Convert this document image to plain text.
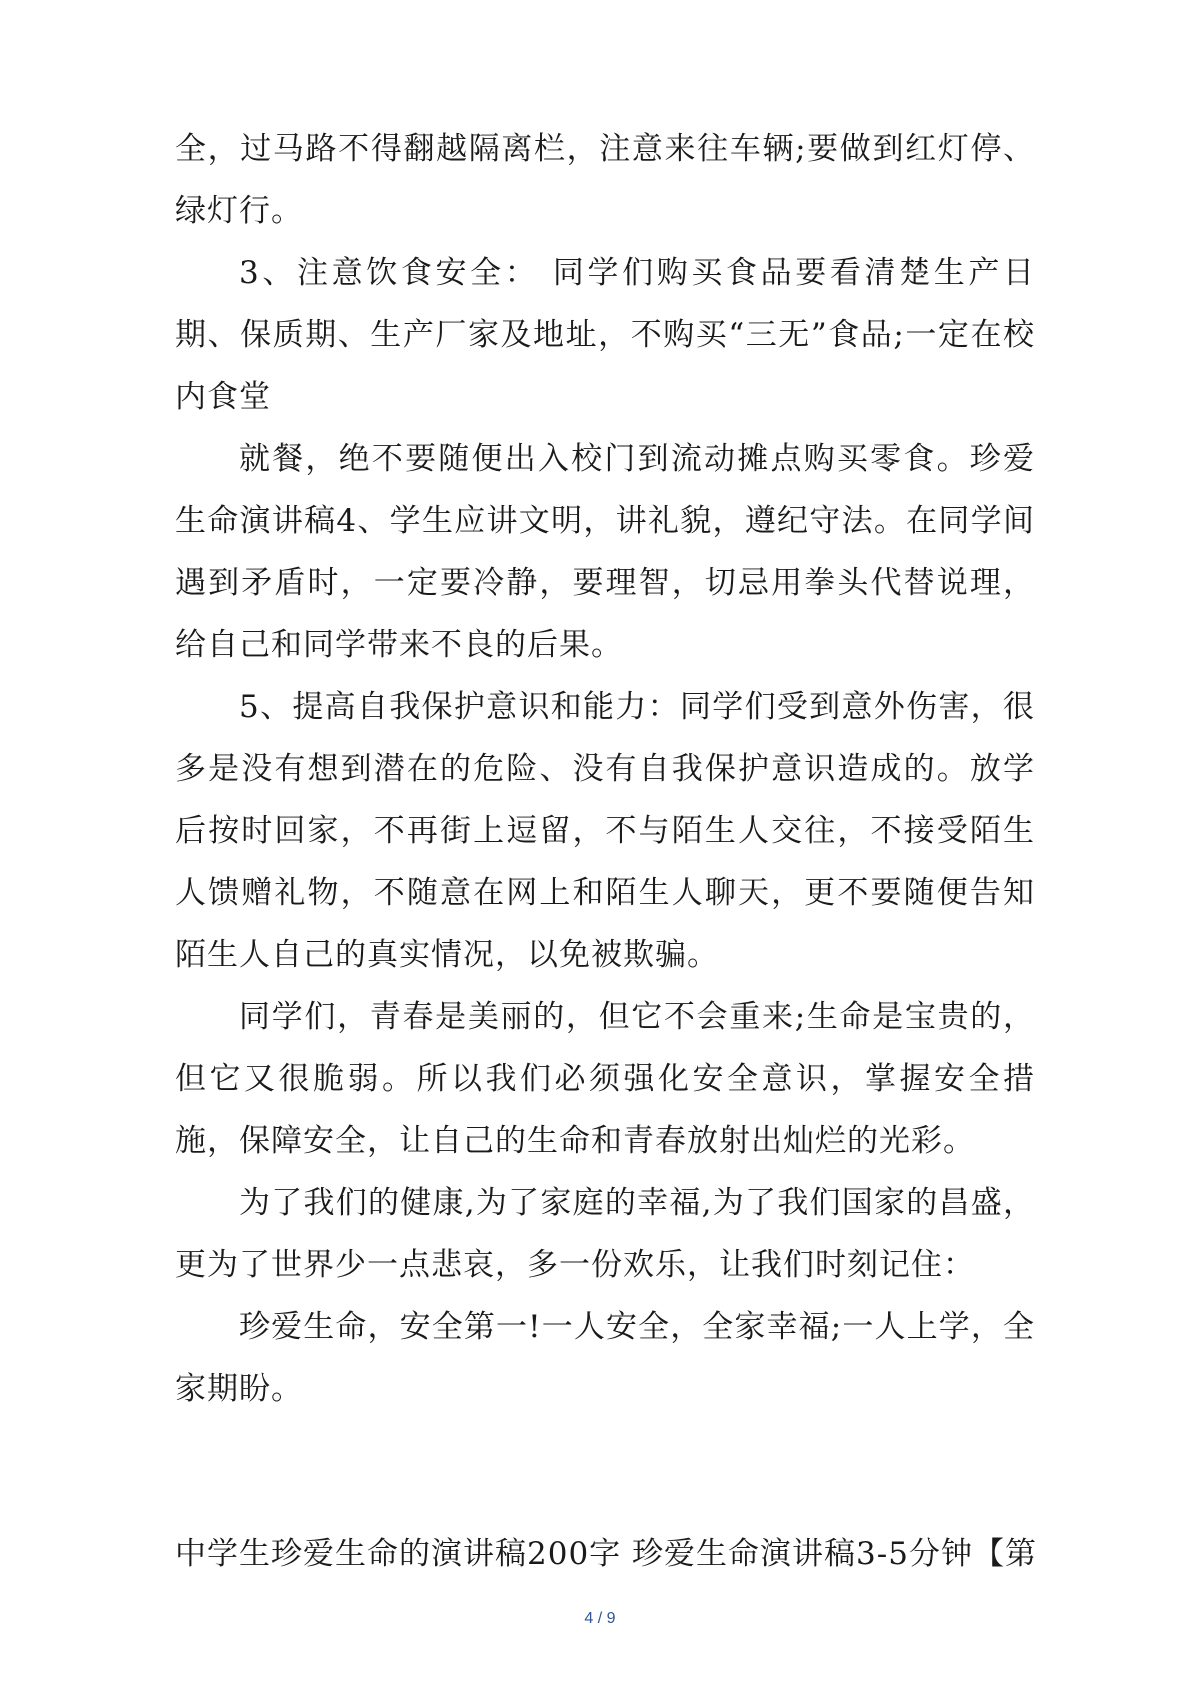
全，过马路不得翻越隔离栏，注意来往车辆;要做到红灯停、绿灯行。

3、注意饮食安全： 同学们购买食品要看清楚生产日期、保质期、生产厂家及地址，不购买“三无”食品;一定在校内食堂

就餐，绝不要随便出入校门到流动摊点购买零食。珍爱生命演讲稿4、学生应讲文明，讲礼貌，遵纪守法。在同学间遇到矛盾时，一定要冷静，要理智，切忌用拳头代替说理，给自己和同学带来不良的后果。

5、提高自我保护意识和能力：同学们受到意外伤害，很多是没有想到潜在的危险、没有自我保护意识造成的。放学后按时回家，不再街上逗留，不与陌生人交往，不接受陌生人馈赠礼物，不随意在网上和陌生人聊天，更不要随便告知陌生人自己的真实情况，以免被欺骗。

同学们，青春是美丽的，但它不会重来;生命是宝贵的，但它又很脆弱。所以我们必须强化安全意识，掌握安全措施，保障安全，让自己的生命和青春放射出灿烂的光彩。

为了我们的健康,为了家庭的幸福,为了我们国家的昌盛，更为了世界少一点悲哀，多一份欢乐，让我们时刻记住：

珍爱生命，安全第一!一人安全，全家幸福;一人上学，全家期盼。

中学生珍爱生命的演讲稿200字 珍爱生命演讲稿3-5分钟【第
4 / 9
